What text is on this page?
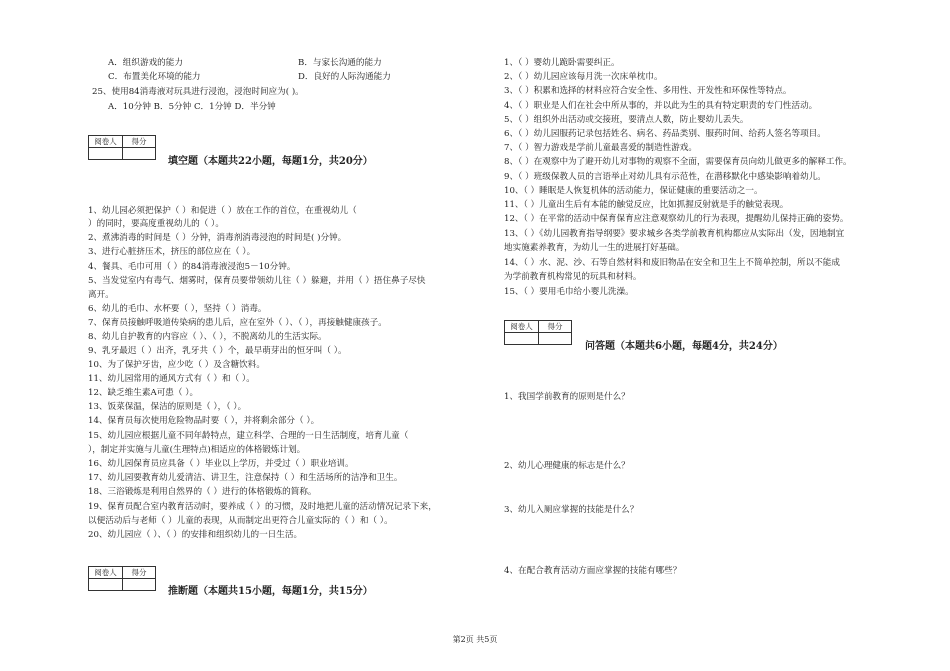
A．组织游戏的能力	B．与家长沟通的能力
C．布置美化环境的能力	D．良好的人际沟通能力
25、使用84消毒液对玩具进行浸泡，浸泡时间应为( )。
A．10分钟 B．5分钟 C．1分钟 D．半分钟
阅卷人	得分
填空题（本题共22小题，每题1分，共20分）
1、幼儿园必须把保护（ ）和促进（ ）放在工作的首位，在重视幼儿（
）的同时，要高度重视幼儿的（ ）。
2、煮沸消毒的时间是（ ）分钟，消毒剂消毒浸泡的时间是( )分钟。
3、进行心脏挤压术，挤压的部位应在（ ）。
4、餐具、毛巾可用（ ）的84消毒液浸泡5－10分钟。
5、当发觉室内有毒气、烟雾时，保育员要带领幼儿往（ ）躲避，并用（ ）捂住鼻子尽快
离开。
6、幼儿的毛巾、水杯要（ ），坚持（ ）消毒。
7、保育员接触呼吸道传染病的患儿后，应在室外（ ）、（ ），再接触健康孩子。
8、幼儿自护教育的内容应（ ）、（ ），不脱离幼儿的生活实际。
9、乳牙最迟（ ）出齐，乳牙共（ ）个，最早萌芽出的恒牙叫（ ）。
10、为了保护牙齿，应少吃（ ）及含糖饮料。
11、幼儿园常用的通风方式有（ ）和（ ）。
12、缺乏维生素A可患（ ）。
13、饭菜保温，保洁的原则是（ ），（ ）。
14、保育员每次使用危险物品时要（ ），并将剩余部分（ ）。
15、幼儿园应根据儿童不同年龄特点，建立科学、合理的一日生活制度，培育儿童（
），制定并实施与儿童(生理特点)相适应的体格锻炼计划。
16、幼儿园保育员应具备（ ）毕业以上学历，并受过（ ）职业培训。
17、幼儿园要教育幼儿爱清洁、讲卫生，注意保持（ ）和生活场所的洁净和卫生。
18、三浴锻炼是利用自然界的（ ）进行的体格锻炼的简称。
19、保育员配合室内教育活动时，要养成（ ）的习惯，及时地把儿童的活动情况记录下来，
以便活动后与老师（ ）儿童的表现，从而制定出更符合儿童实际的（ ）和（ ）。
20、幼儿园应（ ）、（ ）的安排和组织幼儿的一日生活。
阅卷人	得分
推断题（本题共15小题，每题1分，共15分）
1、（ ）婴幼儿跪卧需要纠正。
2、（ ）幼儿园应该每月洗一次床单枕巾。
3、（ ）积累和选择的材料应符合安全性、多用性、开发性和环保性等特点。
4、（ ）职业是人们在社会中所从事的，并以此为生的具有特定职责的专门性活动。
5、（ ）组织外出活动或交接班，要清点人数，防止婴幼儿丢失。
6、（ ）幼儿园服药记录包括姓名、病名、药品类别、服药时间、给药人签名等项目。
7、（ ）智力游戏是学前儿童最喜爱的制造性游戏。
8、（ ）在观察中为了避开幼儿对事物的观察不全面，需要保育员向幼儿做更多的解释工作。
9、（ ）班级保教人员的言语举止对幼儿具有示范性，在潜移默化中感染影响着幼儿。
10、（ ）睡眠是人恢复机体的活动能力，保证健康的重要活动之一。
11、（ ）儿童出生后有本能的触觉反应，比如抓握反射就是手的触觉表现。
12、（ ）在平常的活动中保育保育应注意观察幼儿的行为表现，提醒幼儿保持正确的姿势。
13、（ ）《幼儿园教育指导纲要》要求城乡各类学前教育机构都应从实际出（发，因地制宜
地实施素养教育，为幼儿一生的进展打好基础。
14、（ ）水、泥、沙、石等自然材料和废旧物品在安全和卫生上不简单控制，所以不能成
为学前教育机构常见的玩具和材料。
15、（ ）要用毛巾给小婴儿洗澡。
阅卷人	得分
问答题（本题共6小题，每题4分，共24分）
1、我国学前教育的原则是什么？
2、幼儿心理健康的标志是什么？
3、幼儿入厕应掌握的技能是什么？
4、在配合教育活动方面应掌握的技能有哪些？
第2页 共5页
